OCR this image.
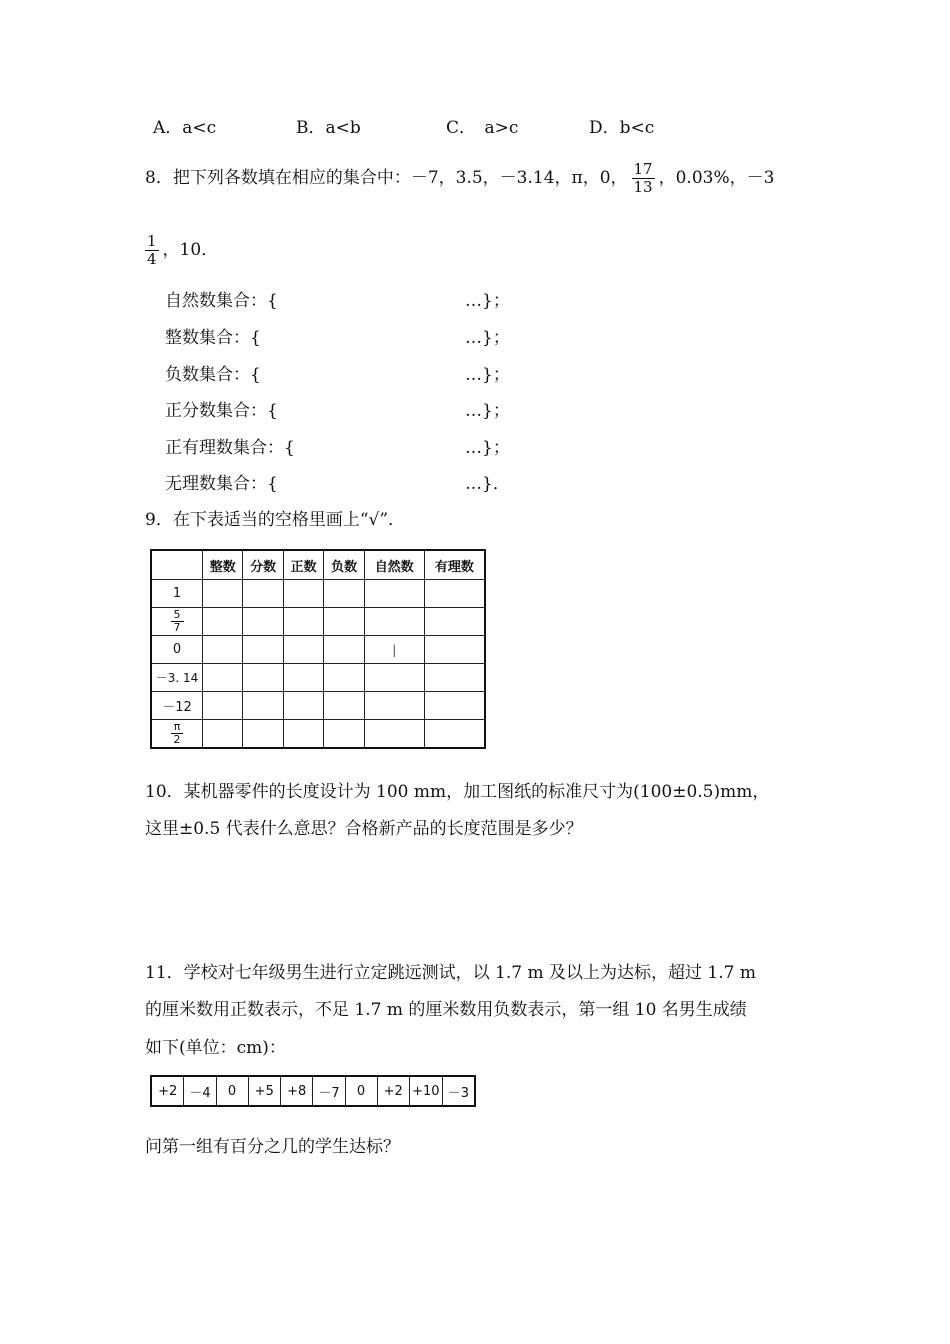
A．a<c	B．a<b	C．　a>c	D．b<c
8．把下列各数填在相应的集合中：－7，3.5，－3.14，π，0， $\frac{17}{13}$ ，0.03%，－3
$\frac{1}{4}$ ，10．
自然数集合：{	…}；
整数集合：{	…}；
负数集合：{	…}；
正分数集合：{	…}；
正有理数集合：{	…}；
无理数集合：{	…}．
9．在下表适当的空格里画上“√”．
	整数	分数	正数	负数	自然数	有理数
1						

$\frac{5}{7}$

0					|	
－3. 14						
－12						

$\frac{\pi}{2}$

10．某机器零件的长度设计为 100 mm，加工图纸的标准尺寸为(100±0.5)mm，
这里±0.5 代表什么意思？合格新产品的长度范围是多少？
11．学校对七年级男生进行立定跳远测试，以 1.7 m 及以上为达标，超过 1.7 m
的厘米数用正数表示，不足 1.7 m 的厘米数用负数表示，第一组 10 名男生成绩
如下(单位：cm)：
+2	－4	0	+5	+8	－7	0	+2	+10	－3
问第一组有百分之几的学生达标？
